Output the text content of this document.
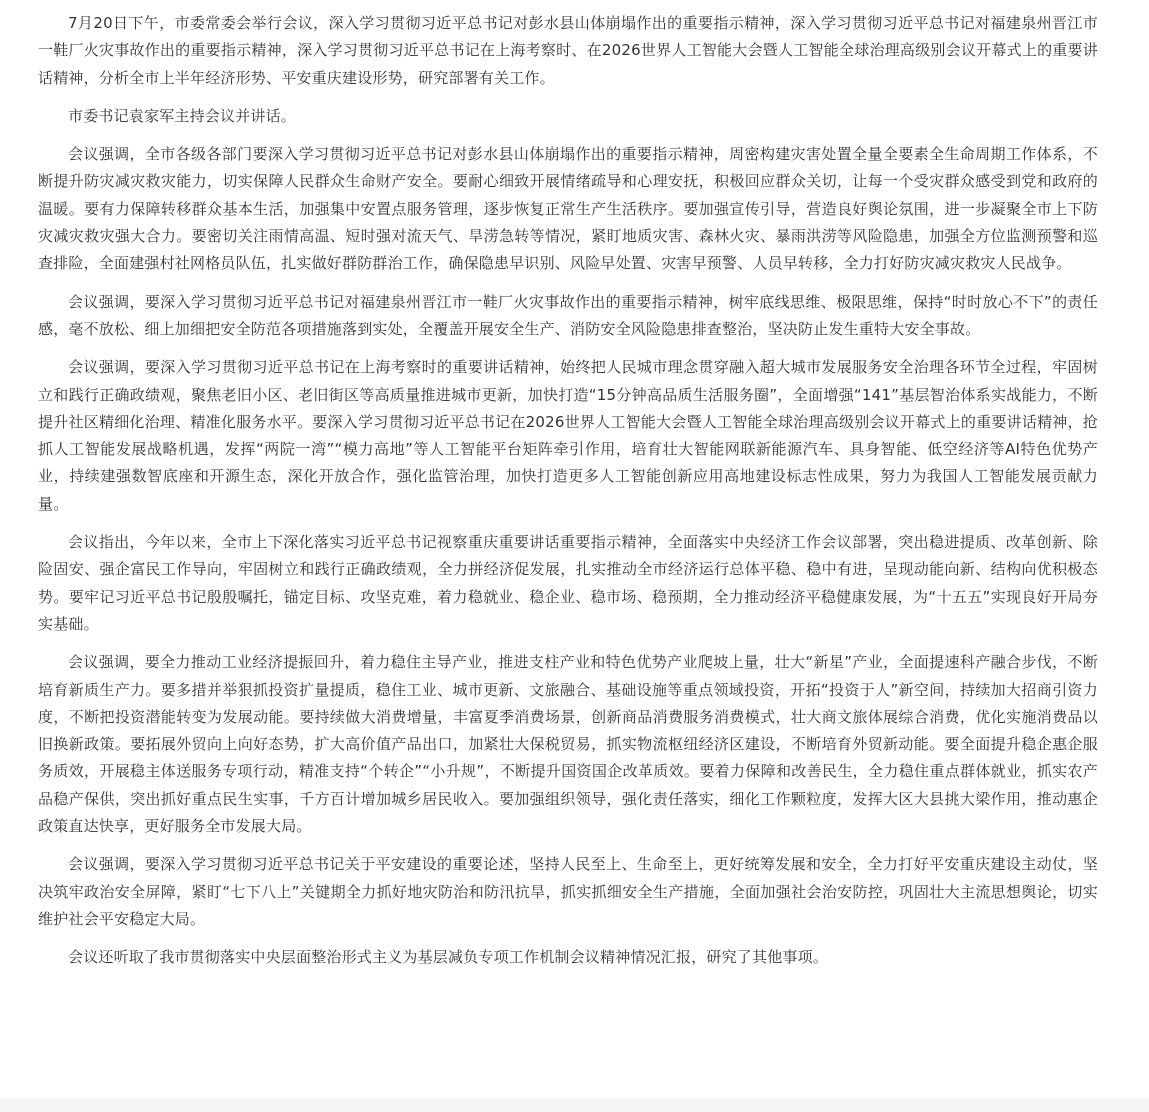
7月20日下午，市委常委会举行会议，深入学习贯彻习近平总书记对彭水县山体崩塌作出的重要指示精神，深入学习贯彻习近平总书记对福建泉州晋江市一鞋厂火灾事故作出的重要指示精神，深入学习贯彻习近平总书记在上海考察时、在2026世界人工智能大会暨人工智能全球治理高级别会议开幕式上的重要讲话精神，分析全市上半年经济形势、平安重庆建设形势，研究部署有关工作。

市委书记袁家军主持会议并讲话。

会议强调，全市各级各部门要深入学习贯彻习近平总书记对彭水县山体崩塌作出的重要指示精神，周密构建灾害处置全量全要素全生命周期工作体系，不断提升防灾减灾救灾能力，切实保障人民群众生命财产安全。要耐心细致开展情绪疏导和心理安抚，积极回应群众关切，让每一个受灾群众感受到党和政府的温暖。要有力保障转移群众基本生活，加强集中安置点服务管理，逐步恢复正常生产生活秩序。要加强宣传引导，营造良好舆论氛围，进一步凝聚全市上下防灾减灾救灾强大合力。要密切关注雨情高温、短时强对流天气、旱涝急转等情况，紧盯地质灾害、森林火灾、暴雨洪涝等风险隐患，加强全方位监测预警和巡查排险，全面建强村社网格员队伍，扎实做好群防群治工作，确保隐患早识别、风险早处置、灾害早预警、人员早转移，全力打好防灾减灾救灾人民战争。

会议强调，要深入学习贯彻习近平总书记对福建泉州晋江市一鞋厂火灾事故作出的重要指示精神，树牢底线思维、极限思维，保持“时时放心不下”的责任感，毫不放松、细上加细把安全防范各项措施落到实处，全覆盖开展安全生产、消防安全风险隐患排查整治，坚决防止发生重特大安全事故。

会议强调，要深入学习贯彻习近平总书记在上海考察时的重要讲话精神，始终把人民城市理念贯穿融入超大城市发展服务安全治理各环节全过程，牢固树立和践行正确政绩观，聚焦老旧小区、老旧街区等高质量推进城市更新，加快打造“15分钟高品质生活服务圈”，全面增强“141”基层智治体系实战能力，不断提升社区精细化治理、精准化服务水平。要深入学习贯彻习近平总书记在2026世界人工智能大会暨人工智能全球治理高级别会议开幕式上的重要讲话精神，抢抓人工智能发展战略机遇，发挥“两院一湾”“模力高地”等人工智能平台矩阵牵引作用，培育壮大智能网联新能源汽车、具身智能、低空经济等AI特色优势产业，持续建强数智底座和开源生态，深化开放合作，强化监管治理，加快打造更多人工智能创新应用高地建设标志性成果，努力为我国人工智能发展贡献力量。

会议指出，今年以来，全市上下深化落实习近平总书记视察重庆重要讲话重要指示精神，全面落实中央经济工作会议部署，突出稳进提质、改革创新、除险固安、强企富民工作导向，牢固树立和践行正确政绩观，全力拼经济促发展，扎实推动全市经济运行总体平稳、稳中有进，呈现动能向新、结构向优积极态势。要牢记习近平总书记殷殷嘱托，锚定目标、攻坚克难，着力稳就业、稳企业、稳市场、稳预期，全力推动经济平稳健康发展，为“十五五”实现良好开局夯实基础。

会议强调，要全力推动工业经济提振回升，着力稳住主导产业，推进支柱产业和特色优势产业爬坡上量，壮大“新星”产业，全面提速科产融合步伐，不断培育新质生产力。要多措并举狠抓投资扩量提质，稳住工业、城市更新、文旅融合、基础设施等重点领域投资，开拓“投资于人”新空间，持续加大招商引资力度，不断把投资潜能转变为发展动能。要持续做大消费增量，丰富夏季消费场景，创新商品消费服务消费模式，壮大商文旅体展综合消费，优化实施消费品以旧换新政策。要拓展外贸向上向好态势，扩大高价值产品出口，加紧壮大保税贸易，抓实物流枢纽经济区建设，不断培育外贸新动能。要全面提升稳企惠企服务质效，开展稳主体送服务专项行动，精准支持“个转企”“小升规”，不断提升国资国企改革质效。要着力保障和改善民生，全力稳住重点群体就业，抓实农产品稳产保供，突出抓好重点民生实事，千方百计增加城乡居民收入。要加强组织领导，强化责任落实，细化工作颗粒度，发挥大区大县挑大梁作用，推动惠企政策直达快享，更好服务全市发展大局。

会议强调，要深入学习贯彻习近平总书记关于平安建设的重要论述，坚持人民至上、生命至上，更好统筹发展和安全，全力打好平安重庆建设主动仗，坚决筑牢政治安全屏障，紧盯“七下八上”关键期全力抓好地灾防治和防汛抗旱，抓实抓细安全生产措施，全面加强社会治安防控，巩固壮大主流思想舆论，切实维护社会平安稳定大局。

会议还听取了我市贯彻落实中央层面整治形式主义为基层减负专项工作机制会议精神情况汇报，研究了其他事项。
